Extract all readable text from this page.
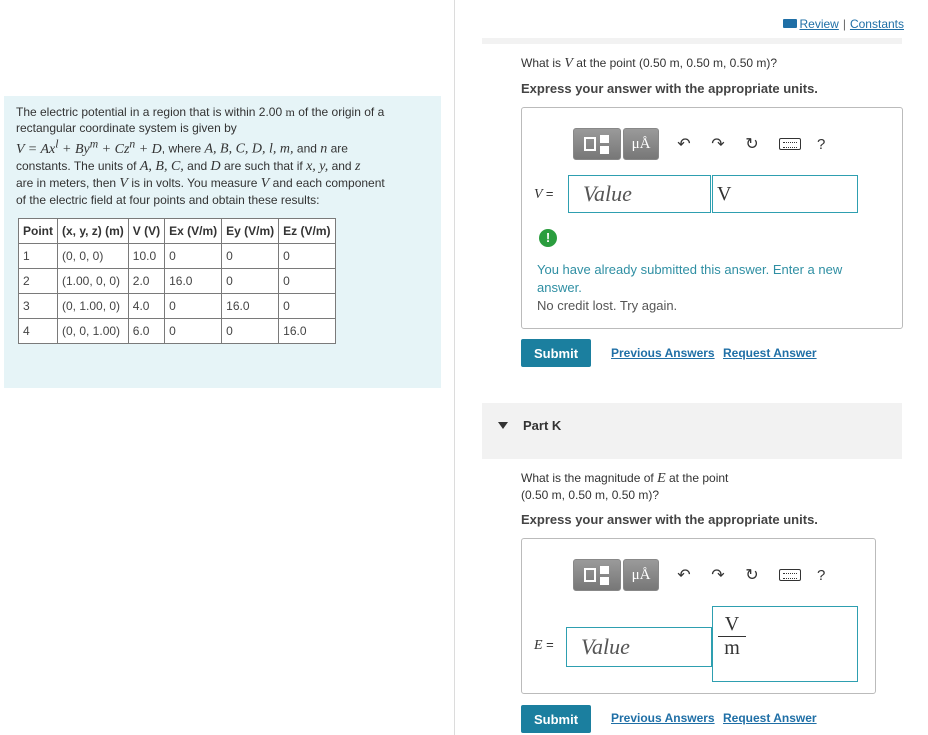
The electric potential in a region that is within 2.00 m of the origin of a
rectangular coordinate system is given by
$V = Ax^l + By^m + Cz^n + D$, where A, B, C, D, l, m, and n are
constants. The units of A, B, C, and D are such that if x, y, and z
are in meters, then V is in volts. You measure V and each component
of the electric field at four points and obtain these results:

Point	(x, y, z) (m)	V (V)	Ex (V/m)	Ey (V/m)	Ez (V/m)
1	(0, 0, 0)	10.0	0	0	0
2	(1.00, 0, 0)	2.0	16.0	0	0
3	(0, 1.00, 0)	4.0	0	16.0	0
4	(0, 0, 1.00)	6.0	0	0	16.0
Review | Constants
What is V at the point (0.50 m, 0.50 m, 0.50 m)?
Express your answer with the appropriate units.
μÅ	↶ ↷ ↻	?
V =	Value	V
!
You have already submitted this answer. Enter a new
answer.
No credit lost. Try again.
Submit	Previous Answers Request Answer
Part K
What is the magnitude of E at the point
(0.50 m, 0.50 m, 0.50 m)?
Express your answer with the appropriate units.
μÅ	↶ ↷ ↻	?
E =	Value	$\frac{V}{m}$
Submit	Previous Answers Request Answer
